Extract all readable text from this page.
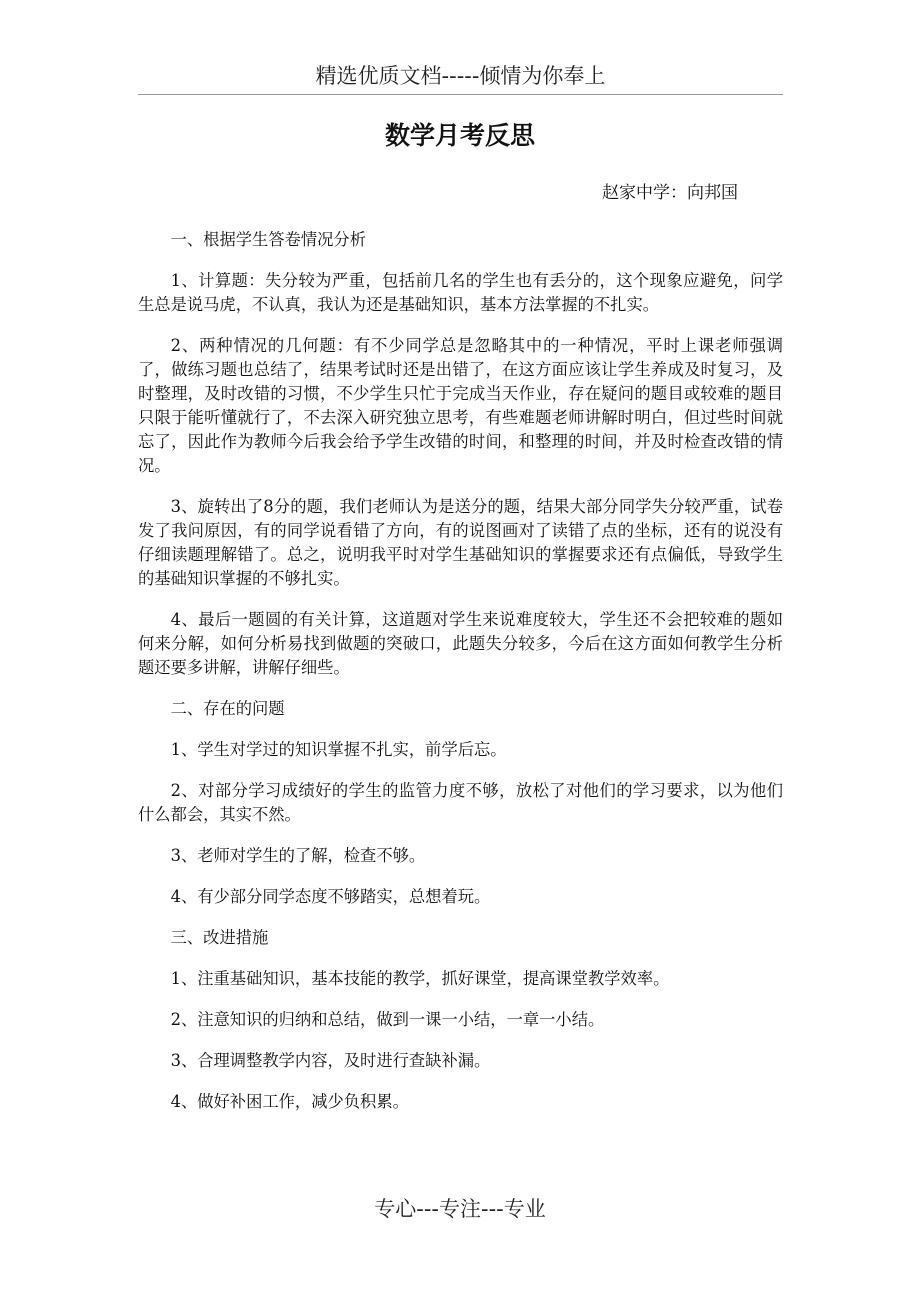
精选优质文档-----倾情为你奉上
数学月考反思
赵家中学：向邦国

一、根据学生答卷情况分析

1、计算题：失分较为严重，包括前几名的学生也有丢分的，这个现象应避免，问学生总是说马虎，不认真，我认为还是基础知识，基本方法掌握的不扎实。

2、两种情况的几何题：有不少同学总是忽略其中的一种情况，平时上课老师强调了，做练习题也总结了，结果考试时还是出错了，在这方面应该让学生养成及时复习，及时整理，及时改错的习惯，不少学生只忙于完成当天作业，存在疑问的题目或较难的题目只限于能听懂就行了，不去深入研究独立思考，有些难题老师讲解时明白，但过些时间就忘了，因此作为教师今后我会给予学生改错的时间，和整理的时间，并及时检查改错的情况。

3、旋转出了8分的题，我们老师认为是送分的题，结果大部分同学失分较严重，试卷发了我问原因，有的同学说看错了方向，有的说图画对了读错了点的坐标，还有的说没有仔细读题理解错了。总之，说明我平时对学生基础知识的掌握要求还有点偏低，导致学生的基础知识掌握的不够扎实。

4、最后一题圆的有关计算，这道题对学生来说难度较大，学生还不会把较难的题如何来分解，如何分析易找到做题的突破口，此题失分较多，今后在这方面如何教学生分析题还要多讲解，讲解仔细些。

二、存在的问题

1、学生对学过的知识掌握不扎实，前学后忘。

2、对部分学习成绩好的学生的监管力度不够，放松了对他们的学习要求，以为他们什么都会，其实不然。

3、老师对学生的了解，检查不够。

4、有少部分同学态度不够踏实，总想着玩。

三、改进措施

1、注重基础知识，基本技能的教学，抓好课堂，提高课堂教学效率。

2、注意知识的归纳和总结，做到一课一小结，一章一小结。

3、合理调整教学内容，及时进行查缺补漏。

4、做好补困工作，减少负积累。

专心---专注---专业
